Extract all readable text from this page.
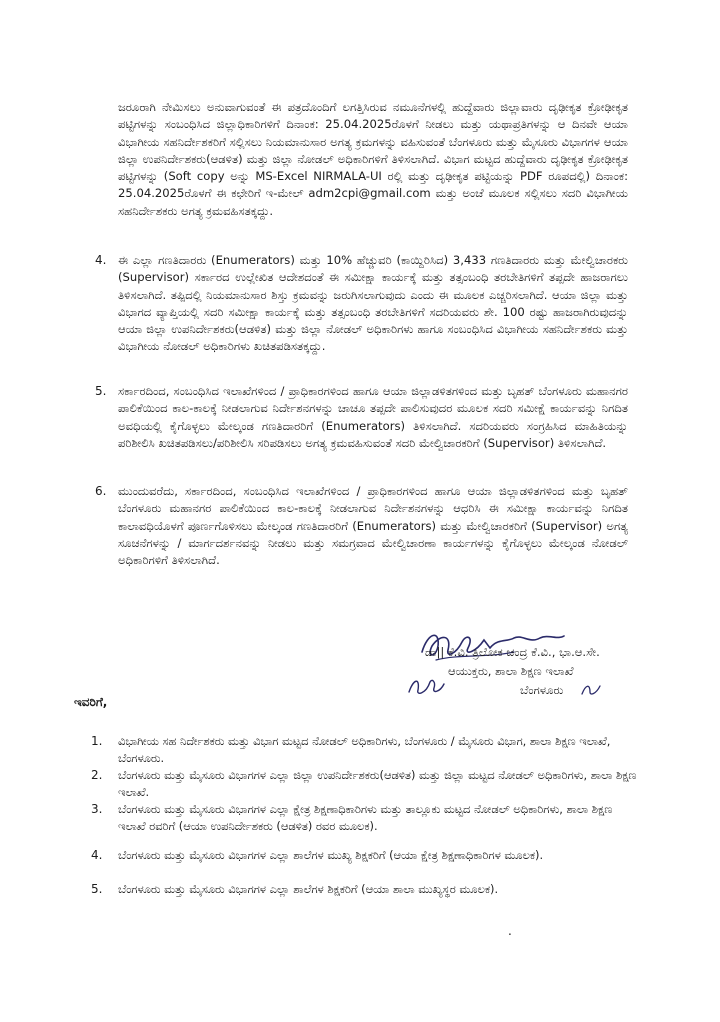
ಜರೂರಾಗಿ ನೇಮಿಸಲು ಅನುವಾಗುವಂತೆ ಈ ಪತ್ರದೊಂದಿಗೆ ಲಗತ್ತಿಸಿರುವ ನಮೂನೆಗಳಲ್ಲಿ ಹುದ್ದೆವಾರು ಜಿಲ್ಲಾವಾರು ದೃಢೀಕೃತ ಕ್ರೋಢೀಕೃತ ಪಟ್ಟಿಗಳನ್ನು ಸಂಬಂಧಿಸಿದ ಜಿಲ್ಲಾಧಿಕಾರಿಗಳಿಗೆ ದಿನಾಂಕ: 25.04.2025ರೊಳಗೆ ನೀಡಲು ಮತ್ತು ಯಥಾಪ್ರತಿಗಳನ್ನು ಆ ದಿನವೇ ಆಯಾ ವಿಭಾಗೀಯ ಸಹನಿರ್ದೇಶಕರಿಗೆ ಸಲ್ಲಿಸಲು ನಿಯಮಾನುಸಾರ ಅಗತ್ಯ ಕ್ರಮಗಳನ್ನು ವಹಿಸುವಂತೆ ಬೆಂಗಳೂರು ಮತ್ತು ಮೈಸೂರು ವಿಭಾಗಗಳ ಆಯಾ ಜಿಲ್ಲಾ ಉಪನಿರ್ದೇಶಕರು(ಆಡಳಿತ) ಮತ್ತು ಜಿಲ್ಲಾ ನೋಡಲ್ ಅಧಿಕಾರಿಗಳಿಗೆ ತಿಳಿಸಲಾಗಿದೆ. ವಿಭಾಗ ಮಟ್ಟದ ಹುದ್ದೆವಾರು ದೃಢೀಕೃತ ಕ್ರೋಢೀಕೃತ ಪಟ್ಟಿಗಳನ್ನು (Soft copy ಅನ್ನು MS-Excel NIRMALA-UI ರಲ್ಲಿ ಮತ್ತು ದೃಢೀಕೃತ ಪಟ್ಟಿಯನ್ನು PDF ರೂಪದಲ್ಲಿ) ದಿನಾಂಕ: 25.04.2025ರೊಳಗೆ ಈ ಕಛೇರಿಗೆ ಇ-ಮೇಲ್ adm2cpi@gmail.com ಮತ್ತು ಅಂಚೆ ಮೂಲಕ ಸಲ್ಲಿಸಲು ಸದರಿ ವಿಭಾಗೀಯ ಸಹನಿರ್ದೇಶಕರು ಅಗತ್ಯ ಕ್ರಮವಹಿಸತಕ್ಕದ್ದು.

4. ಈ ಎಲ್ಲಾ ಗಣತಿದಾರರು (Enumerators) ಮತ್ತು 10% ಹೆಚ್ಚುವರಿ (ಕಾಯ್ದಿರಿಸಿದ) 3,433 ಗಣತಿದಾರರು ಮತ್ತು ಮೇಲ್ವಿಚಾರಕರು (Supervisor) ಸರ್ಕಾರದ ಉಲ್ಲೇಖಿತ ಆದೇಶದಂತೆ ಈ ಸಮೀಕ್ಷಾ ಕಾರ್ಯಕ್ಕೆ ಮತ್ತು ತತ್ಸಂಬಂಧಿ ತರಬೇತಿಗಳಿಗೆ ತಪ್ಪದೇ ಹಾಜರಾಗಲು ತಿಳಿಸಲಾಗಿದೆ. ತಪ್ಪಿದಲ್ಲಿ ನಿಯಮಾನುಸಾರ ಶಿಸ್ತು ಕ್ರಮವನ್ನು ಜರುಗಿಸಲಾಗುವುದು ಎಂದು ಈ ಮೂಲಕ ಎಚ್ಚರಿಸಲಾಗಿದೆ. ಆಯಾ ಜಿಲ್ಲಾ ಮತ್ತು ವಿಭಾಗದ ವ್ಯಾಪ್ತಿಯಲ್ಲಿ ಸದರಿ ಸಮೀಕ್ಷಾ ಕಾರ್ಯಕ್ಕೆ ಮತ್ತು ತತ್ಸಂಬಂಧಿ ತರಬೇತಿಗಳಿಗೆ ಸದರಿಯವರು ಶೇ. 100 ರಷ್ಟು ಹಾಜರಾಗಿರುವುದನ್ನು ಆಯಾ ಜಿಲ್ಲಾ ಉಪನಿರ್ದೇಶಕರು(ಆಡಳಿತ) ಮತ್ತು ಜಿಲ್ಲಾ ನೋಡಲ್ ಅಧಿಕಾರಿಗಳು ಹಾಗೂ ಸಂಬಂಧಿಸಿದ ವಿಭಾಗೀಯ ಸಹನಿರ್ದೇಶಕರು ಮತ್ತು ವಿಭಾಗೀಯ ನೋಡಲ್ ಅಧಿಕಾರಿಗಳು ಖಚಿತಪಡಿಸತಕ್ಕದ್ದು.

5. ಸರ್ಕಾರದಿಂದ, ಸಂಬಂಧಿಸಿದ ಇಲಾಖೆಗಳಿಂದ / ಪ್ರಾಧಿಕಾರಗಳಿಂದ ಹಾಗೂ ಆಯಾ ಜಿಲ್ಲಾಡಳಿತಗಳಿಂದ ಮತ್ತು ಬೃಹತ್ ಬೆಂಗಳೂರು ಮಹಾನಗರ ಪಾಲಿಕೆಯಿಂದ ಕಾಲ-ಕಾಲಕ್ಕೆ ನೀಡಲಾಗುವ ನಿರ್ದೇಶನಗಳನ್ನು ಚಾಚೂ ತಪ್ಪದೇ ಪಾಲಿಸುವುದರ ಮೂಲಕ ಸದರಿ ಸಮೀಕ್ಷೆ ಕಾರ್ಯವನ್ನು ನಿಗದಿತ ಅವಧಿಯಲ್ಲಿ ಕೈಗೊಳ್ಳಲು ಮೇಲ್ಕಂಡ ಗಣತಿದಾರರಿಗೆ (Enumerators) ತಿಳಿಸಲಾಗಿದೆ. ಸದರಿಯವರು ಸಂಗ್ರಹಿಸಿದ ಮಾಹಿತಿಯನ್ನು ಪರಿಶೀಲಿಸಿ ಖಚಿತಪಡಿಸಲು/ಪರಿಶೀಲಿಸಿ ಸರಿಪಡಿಸಲು ಅಗತ್ಯ ಕ್ರಮವಹಿಸುವಂತೆ ಸದರಿ ಮೇಲ್ವಿಚಾರಕರಿಗೆ (Supervisor) ತಿಳಿಸಲಾಗಿದೆ.

6. ಮುಂದುವರೆದು, ಸರ್ಕಾರದಿಂದ, ಸಂಬಂಧಿಸಿದ ಇಲಾಖೆಗಳಿಂದ / ಪ್ರಾಧಿಕಾರಗಳಿಂದ ಹಾಗೂ ಆಯಾ ಜಿಲ್ಲಾಡಳಿತಗಳಿಂದ ಮತ್ತು ಬೃಹತ್ ಬೆಂಗಳೂರು ಮಹಾನಗರ ಪಾಲಿಕೆಯಿಂದ ಕಾಲ-ಕಾಲಕ್ಕೆ ನೀಡಲಾಗುವ ನಿರ್ದೇಶನಗಳನ್ನು ಆಧರಿಸಿ ಈ ಸಮೀಕ್ಷಾ ಕಾರ್ಯವನ್ನು ನಿಗದಿತ ಕಾಲಾವಧಿಯೊಳಗೆ ಪೂರ್ಣಗೊಳಿಸಲು ಮೇಲ್ಕಂಡ ಗಣತಿದಾರರಿಗೆ (Enumerators) ಮತ್ತು ಮೇಲ್ವಿಚಾರಕರಿಗೆ (Supervisor) ಅಗತ್ಯ ಸೂಚನೆಗಳನ್ನು / ಮಾರ್ಗದರ್ಶನವನ್ನು ನೀಡಲು ಮತ್ತು ಸಮಗ್ರವಾದ ಮೇಲ್ವಿಚಾರಣಾ ಕಾರ್ಯಗಳನ್ನು ಕೈಗೊಳ್ಳಲು ಮೇಲ್ಕಂಡ ನೋಡಲ್ ಅಧಿಕಾರಿಗಳಿಗೆ ತಿಳಿಸಲಾಗಿದೆ.

ಡಾ|| ಕೆ.ವಿ. ತ್ರಿಲೋಕ ಚಂದ್ರ ಕೆ.ವಿ., ಭಾ.ಆ.ಸೇ.
ಆಯುಕ್ತರು, ಶಾಲಾ ಶಿಕ್ಷಣ ಇಲಾಖೆ
ಬೆಂಗಳೂರು
ಇವರಿಗೆ,
1. ವಿಭಾಗೀಯ ಸಹ ನಿರ್ದೇಶಕರು ಮತ್ತು ವಿಭಾಗ ಮಟ್ಟದ ನೋಡಲ್ ಅಧಿಕಾರಿಗಳು, ಬೆಂಗಳೂರು / ಮೈಸೂರು ವಿಭಾಗ, ಶಾಲಾ ಶಿಕ್ಷಣ ಇಲಾಖೆ, ಬೆಂಗಳೂರು.

2. ಬೆಂಗಳೂರು ಮತ್ತು ಮೈಸೂರು ವಿಭಾಗಗಳ ಎಲ್ಲಾ ಜಿಲ್ಲಾ ಉಪನಿರ್ದೇಶಕರು(ಆಡಳಿತ) ಮತ್ತು ಜಿಲ್ಲಾ ಮಟ್ಟದ ನೋಡಲ್ ಅಧಿಕಾರಿಗಳು, ಶಾಲಾ ಶಿಕ್ಷಣ ಇಲಾಖೆ.

3. ಬೆಂಗಳೂರು ಮತ್ತು ಮೈಸೂರು ವಿಭಾಗಗಳ ಎಲ್ಲಾ ಕ್ಷೇತ್ರ ಶಿಕ್ಷಣಾಧಿಕಾರಿಗಳು ಮತ್ತು ತಾಲ್ಲೂಕು ಮಟ್ಟದ ನೋಡಲ್ ಅಧಿಕಾರಿಗಳು, ಶಾಲಾ ಶಿಕ್ಷಣ ಇಲಾಖೆ ರವರಿಗೆ (ಆಯಾ ಉಪನಿರ್ದೇಶಕರು (ಆಡಳಿತ) ರವರ ಮೂಲಕ).

4. ಬೆಂಗಳೂರು ಮತ್ತು ಮೈಸೂರು ವಿಭಾಗಗಳ ಎಲ್ಲಾ ಶಾಲೆಗಳ ಮುಖ್ಯ ಶಿಕ್ಷಕರಿಗೆ (ಆಯಾ ಕ್ಷೇತ್ರ ಶಿಕ್ಷಣಾಧಿಕಾರಿಗಳ ಮೂಲಕ).

5. ಬೆಂಗಳೂರು ಮತ್ತು ಮೈಸೂರು ವಿಭಾಗಗಳ ಎಲ್ಲಾ ಶಾಲೆಗಳ ಶಿಕ್ಷಕರಿಗೆ (ಆಯಾ ಶಾಲಾ ಮುಖ್ಯಸ್ಥರ ಮೂಲಕ).

.
